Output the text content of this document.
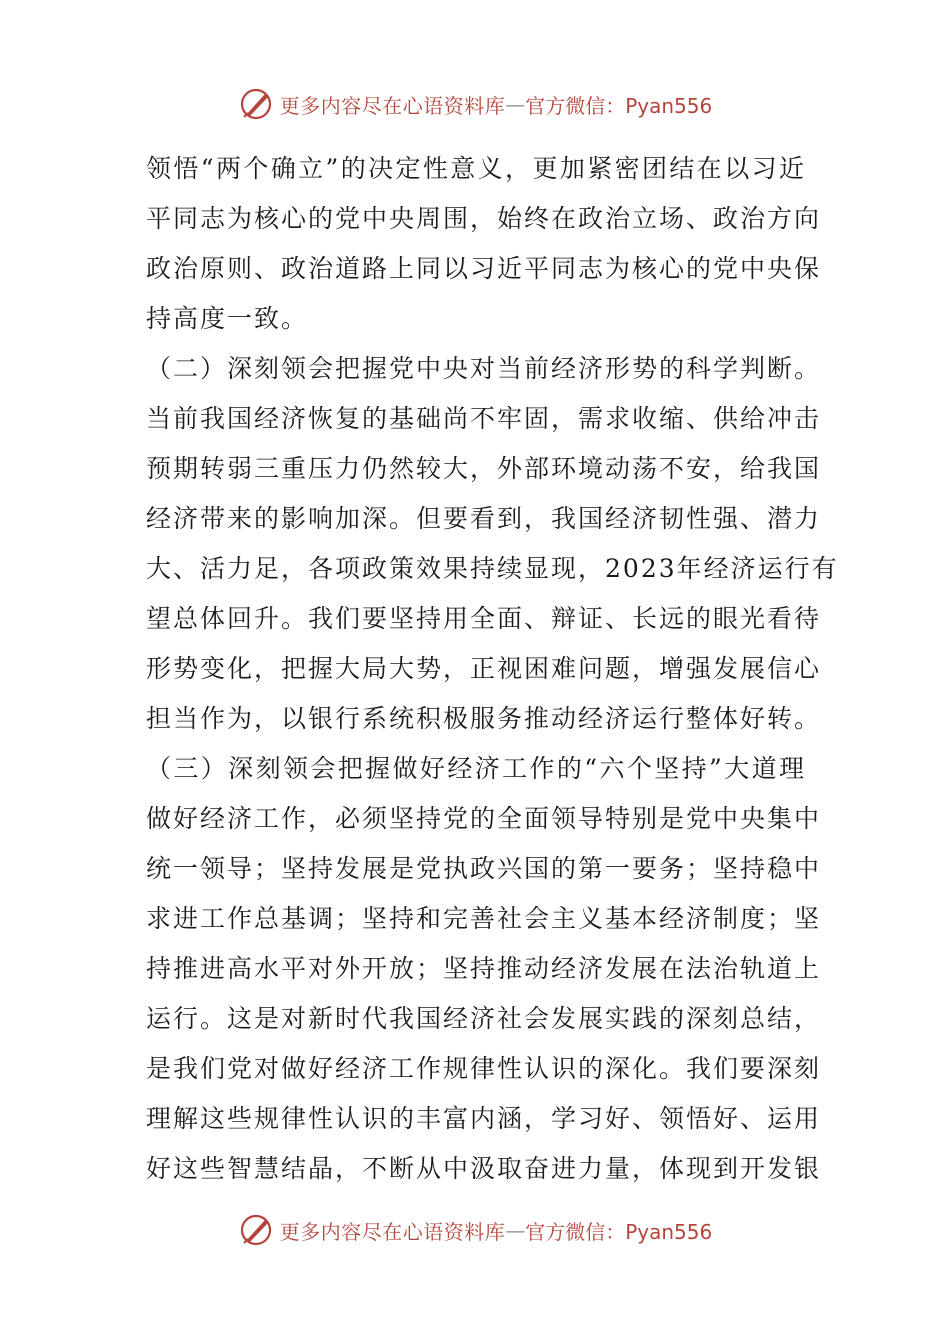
更多内容尽在心语资料库 — 官方微信：Pyan556
领悟“两个确立”的决定性意义，更加紧密团结在以习近
平同志为核心的党中央周围，始终在政治立场、政治方向
政治原则、政治道路上同以习近平同志为核心的党中央保
持高度一致。
（二）深刻领会把握党中央对当前经济形势的科学判断。
当前我国经济恢复的基础尚不牢固，需求收缩、供给冲击
预期转弱三重压力仍然较大，外部环境动荡不安，给我国
经济带来的影响加深。但要看到，我国经济韧性强、潜力
大、活力足，各项政策效果持续显现，2023年经济运行有
望总体回升。我们要坚持用全面、辩证、长远的眼光看待
形势变化，把握大局大势，正视困难问题，增强发展信心
担当作为，以银行系统积极服务推动经济运行整体好转。
（三）深刻领会把握做好经济工作的“六个坚持”大道理
做好经济工作，必须坚持党的全面领导特别是党中央集中
统一领导；坚持发展是党执政兴国的第一要务；坚持稳中
求进工作总基调；坚持和完善社会主义基本经济制度；坚
持推进高水平对外开放；坚持推动经济发展在法治轨道上
运行。这是对新时代我国经济社会发展实践的深刻总结，
是我们党对做好经济工作规律性认识的深化。我们要深刻
理解这些规律性认识的丰富内涵，学习好、领悟好、运用
好这些智慧结晶，不断从中汲取奋进力量，体现到开发银
更多内容尽在心语资料库 — 官方微信：Pyan556
